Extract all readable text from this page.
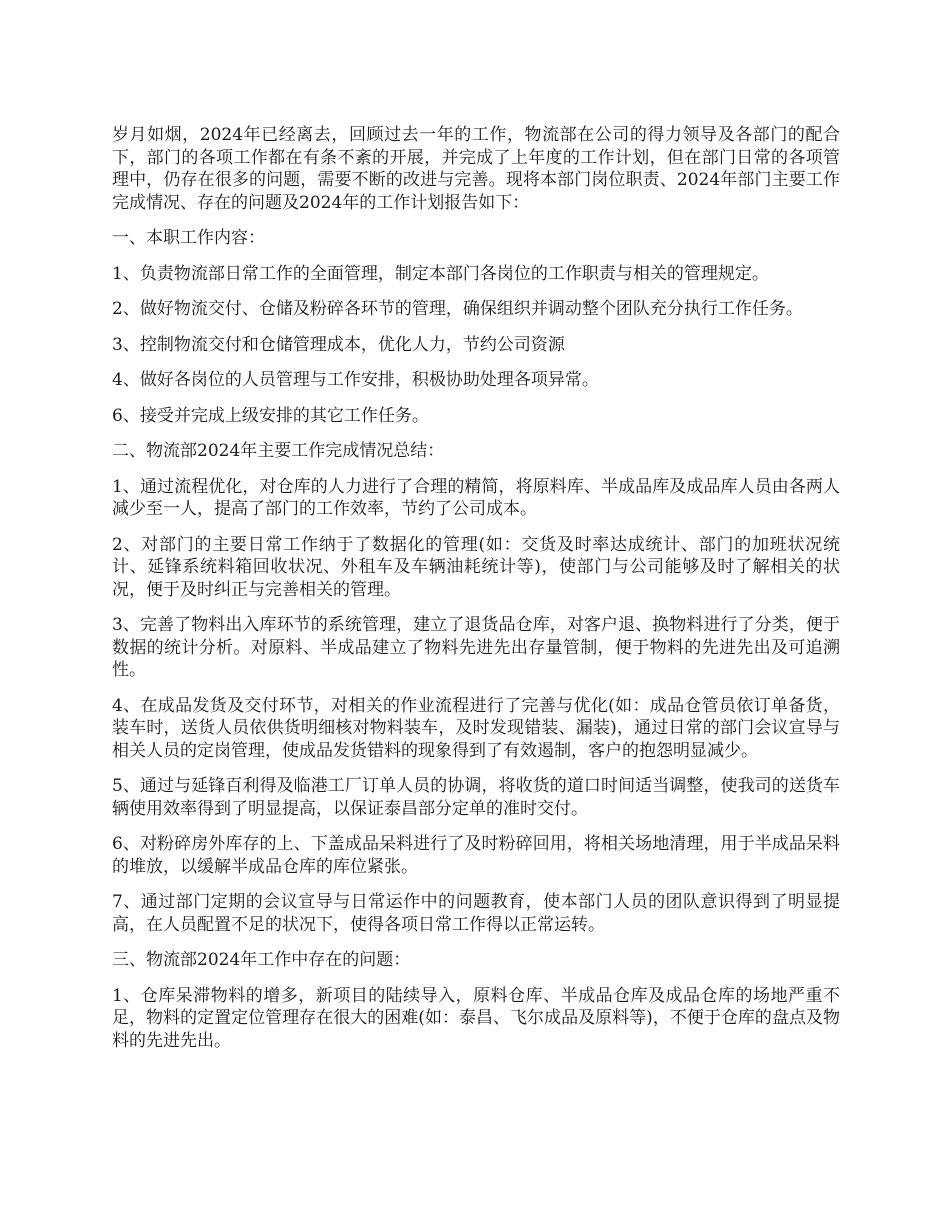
岁月如烟，2024年已经离去，回顾过去一年的工作，物流部在公司的得力领导及各部门的配合下，部门的各项工作都在有条不紊的开展，并完成了上年度的工作计划，但在部门日常的各项管理中，仍存在很多的问题，需要不断的改进与完善。现将本部门岗位职责、2024年部门主要工作完成情况、存在的问题及2024年的工作计划报告如下：

一、本职工作内容：

1、负责物流部日常工作的全面管理，制定本部门各岗位的工作职责与相关的管理规定。

2、做好物流交付、仓储及粉碎各环节的管理，确保组织并调动整个团队充分执行工作任务。

3、控制物流交付和仓储管理成本，优化人力，节约公司资源

4、做好各岗位的人员管理与工作安排，积极协助处理各项异常。

6、接受并完成上级安排的其它工作任务。

二、物流部2024年主要工作完成情况总结：

1、通过流程优化，对仓库的人力进行了合理的精简，将原料库、半成品库及成品库人员由各两人减少至一人，提高了部门的工作效率，节约了公司成本。

2、对部门的主要日常工作纳于了数据化的管理(如：交货及时率达成统计、部门的加班状况统计、延锋系统料箱回收状况、外租车及车辆油耗统计等)，使部门与公司能够及时了解相关的状况，便于及时纠正与完善相关的管理。

3、完善了物料出入库环节的系统管理，建立了退货品仓库，对客户退、换物料进行了分类，便于数据的统计分析。对原料、半成品建立了物料先进先出存量管制，便于物料的先进先出及可追溯性。

4、在成品发货及交付环节，对相关的作业流程进行了完善与优化(如：成品仓管员依订单备货，装车时，送货人员依供货明细核对物料装车，及时发现错装、漏装)，通过日常的部门会议宣导与相关人员的定岗管理，使成品发货错料的现象得到了有效遏制，客户的抱怨明显减少。

5、通过与延锋百利得及临港工厂订单人员的协调，将收货的道口时间适当调整，使我司的送货车辆使用效率得到了明显提高，以保证泰昌部分定单的准时交付。

6、对粉碎房外库存的上、下盖成品呆料进行了及时粉碎回用，将相关场地清理，用于半成品呆料的堆放，以缓解半成品仓库的库位紧张。

7、通过部门定期的会议宣导与日常运作中的问题教育，使本部门人员的团队意识得到了明显提高，在人员配置不足的状况下，使得各项日常工作得以正常运转。

三、物流部2024年工作中存在的问题：

1、仓库呆滞物料的增多，新项目的陆续导入，原料仓库、半成品仓库及成品仓库的场地严重不足，物料的定置定位管理存在很大的困难(如：泰昌、飞尔成品及原料等)，不便于仓库的盘点及物料的先进先出。
